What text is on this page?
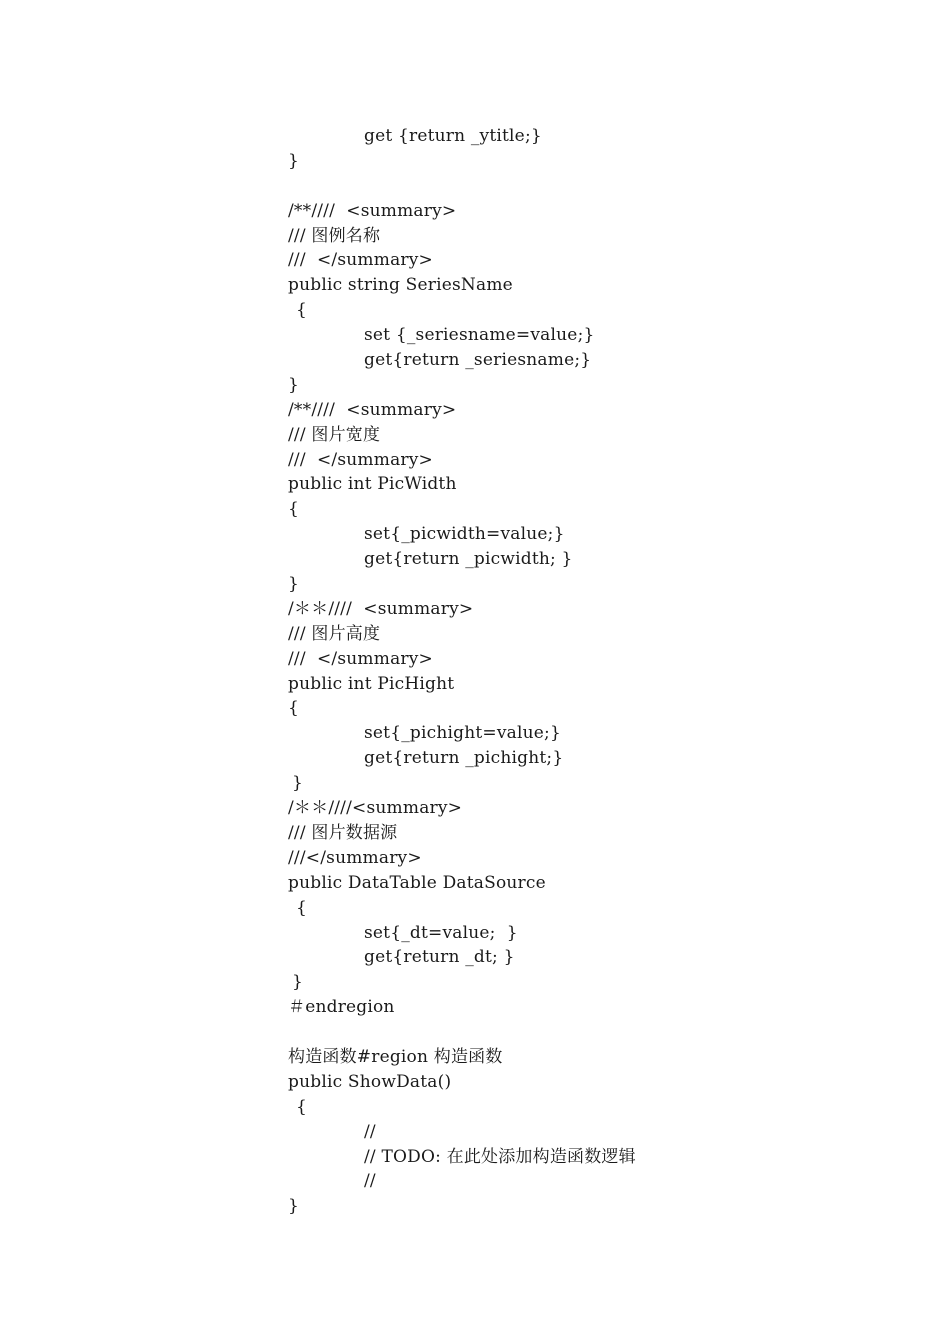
get {return _ytitle;}
}
/**////  <summary>
/// 图例名称
///  </summary>
public string SeriesName
{
set {_seriesname=value;}
get{return _seriesname;}
}
/**////  <summary>
/// 图片宽度
///  </summary>
public int PicWidth
{
set{_picwidth=value;}
get{return _picwidth; }
}
/＊＊////  <summary>
/// 图片高度
///  </summary>
public int PicHight
{
set{_pichight=value;}
get{return _pichight;}
}
/＊＊////<summary>
/// 图片数据源
///</summary>
public DataTable DataSource
{
set{_dt=value;  }
get{return _dt; }
}
＃endregion
构造函数#region 构造函数
public ShowData()
{
//
// TODO: 在此处添加构造函数逻辑
//
}
